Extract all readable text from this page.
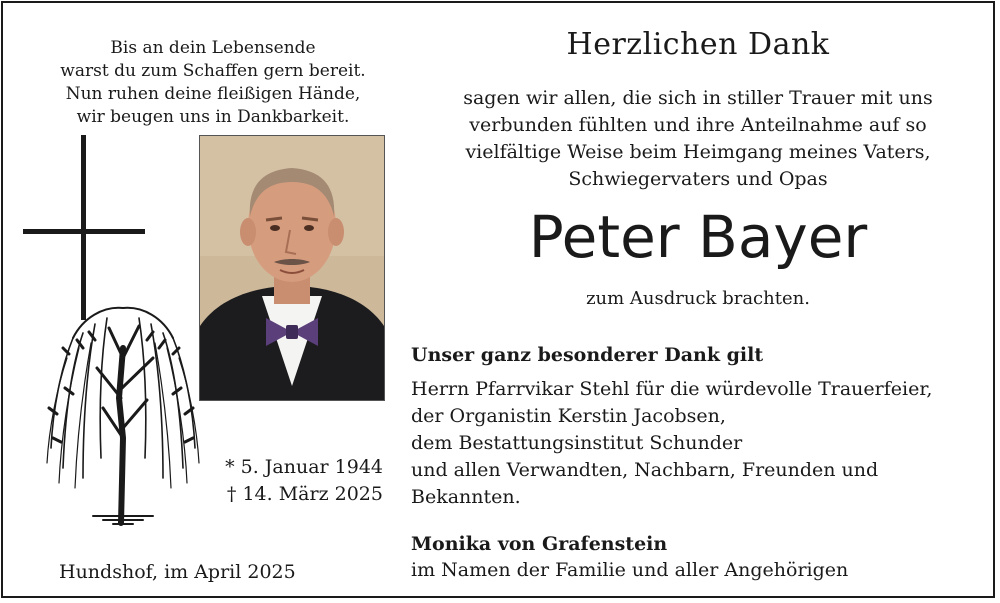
Bis an dein Lebensende
warst du zum Schaffen gern bereit.
Nun ruhen deine fleißigen Hände,
wir beugen uns in Dankbarkeit.
* 5. Januar 1944
† 14. März 2025
Hundshof, im April 2025
Herzlichen Dank
sagen wir allen, die sich in stiller Trauer mit uns
verbunden fühlten und ihre Anteilnahme auf so
vielfältige Weise beim Heimgang meines Vaters,
Schwiegervaters und Opas
Peter Bayer
zum Ausdruck brachten.
Unser ganz besonderer Dank gilt
Herrn Pfarrvikar Stehl für die würdevolle Trauerfeier,
der Organistin Kerstin Jacobsen,
dem Bestattungsinstitut Schunder
und allen Verwandten, Nachbarn, Freunden und
Bekannten.
Monika von Grafenstein
im Namen der Familie und aller Angehörigen
